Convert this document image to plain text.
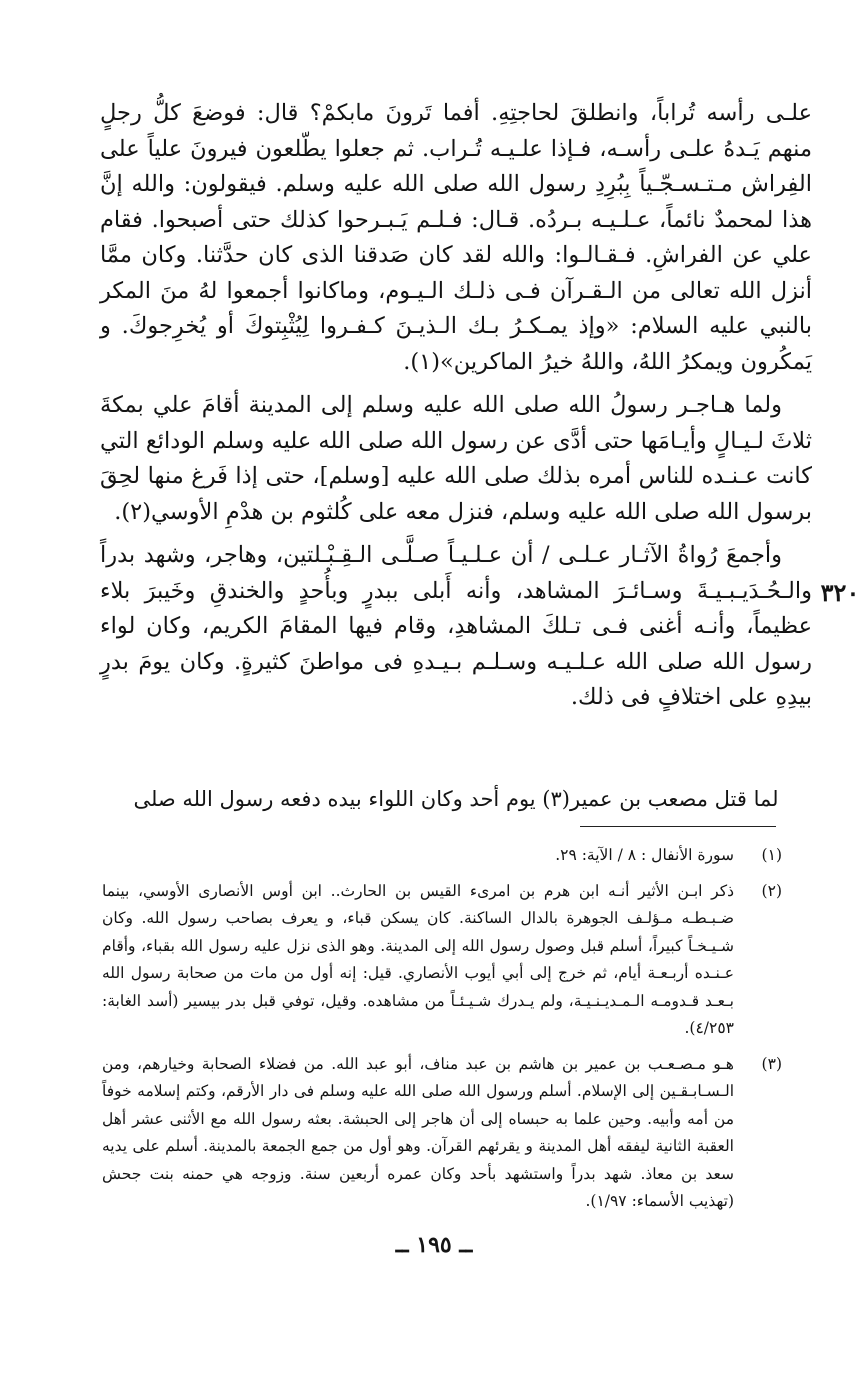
علـى رأسه تُراباً، وانطلقَ لحاجتِهِ. أفما تَرونَ مابكمْ؟ قال: فوضعَ كلُّ رجلٍ منهم يَـدهُ علـى رأسـه، فـإذا علـيـه تُـراب. ثم جعلوا يطّلعون فيرونَ علياً على الفِراش مـتـسـجّـياً بِبُرِدِ رسول الله صلى الله عليه وسلم. فيقولون: والله إنَّ هذا لمحمدٌ نائماً، عـلـيـه بـردُه. قـال: فـلـم يَـبـرحوا كذلك حتى أصبحوا. فقام علي عن الفراشِ. فـقـالـوا: والله لقد كان صَدقنا الذى كان حدَّثنا. وكان ممَّا أنزل الله تعالى من الـقـرآن فـى ذلـك الـيـوم، وماكانوا أجمعوا لهُ منَ المكر بالنبي عليه السلام: «وإذ يمـكـرُ بـك الـذيـنَ كـفـروا لِيُثْبِتوكَ أو يُخرِجوكَ. و يَمكُرون ويمكرُ اللهُ، واللهُ خيرُ الماكرين»(١).

ولما هـاجـر رسولُ الله صلى الله عليه وسلم إلى المدينة أقامَ علي بمكةَ ثلاثَ لـيـالٍ وأيـامَها حتى أدَّى عن رسول الله صلى الله عليه وسلم الودائع التي كانت عـنـده للناس أمره بذلك صلى الله عليه [وسلم]، حتى إذا فَرغ منها لحِقَ برسول الله صلى الله عليه وسلم، فنزل معه على كُلثوم بن هدْمِ الأوسي(٢).

وأجمعَ رُواةُ الآثـار عـلـى / أن عـلـيـاً صـلَّـى الـقِـبْـلتين، وهاجر، وشهد بدراً والـحُـدَيـبـيـةَ وسـائـرَ المشاهد، وأنه أَبلى ببدرٍ وبأُحدٍ والخندقِ وخَيبرَ بلاء عظيماً، وأنـه أغنى فـى تـلكَ المشاهدِ، وقام فيها المقامَ الكريم، وكان لواء رسول الله صلى الله عـلـيـه وسـلـم بـيـدهِ فى مواطنَ كثيرةٍ. وكان يومَ بدرٍ بيدِهِ على اختلافٍ فى ذلك.

٣٢٠
لما قتل مصعب بن عمير(٣) يوم أحد وكان اللواء بيده دفعه رسول الله صلى
(١)
سورة الأنفال : ٨ / الآية: ٢٩.
(٢)
ذكر ابـن الأثير أنـه ابن هرم بن امرىء القيس بن الحارث.. ابن أوس الأنصارى الأوسي، بينما ضـبـطـه مـؤلـف الجوهرة بالدال الساكنة. كان يسكن قباء، و يعرف بصاحب رسول الله. وكان شـيـخـاً كبيراً، أسلم قبل وصول رسول الله إلى المدينة. وهو الذى نزل عليه رسول الله بقباء، وأقام عـنـده أربـعـة أيام، ثم خرج إلى أبي أيوب الأنصاري. قيل: إنه أول من مات من صحابة رسول الله بـعـد قـدومـه الـمـديـنـيـة، ولم يـدرك شـيـئـاً من مشاهده. وقيل، توفي قبل بدر بيسير (أسد الغابة: ٤/٢٥٣).
(٣)
هـو مـصـعـب بن عمير بن هاشم بن عبد مناف، أبو عبد الله. من فضلاء الصحابة وخيارهم، ومن الـسـابـقـين إلى الإسلام. أسلم ورسول الله صلى الله عليه وسلم فى دار الأرقم، وكتم إسلامه خوفاً من أمه وأبيه. وحين علما به حبساه إلى أن هاجر إلى الحبشة. بعثه رسول الله مع الأثنى عشر أهل العقبة الثانية ليفقه أهل المدينة و يقرئهم القرآن. وهو أول من جمع الجمعة بالمدينة. أسلم على يديه سعد بن معاذ. شهد بدراً واستشهد بأحد وكان عمره أربعين سنة. وزوجه هي حمنه بنت جحش (تهذيب الأسماء: ١/٩٧).
ــ ١٩٥ ــ
